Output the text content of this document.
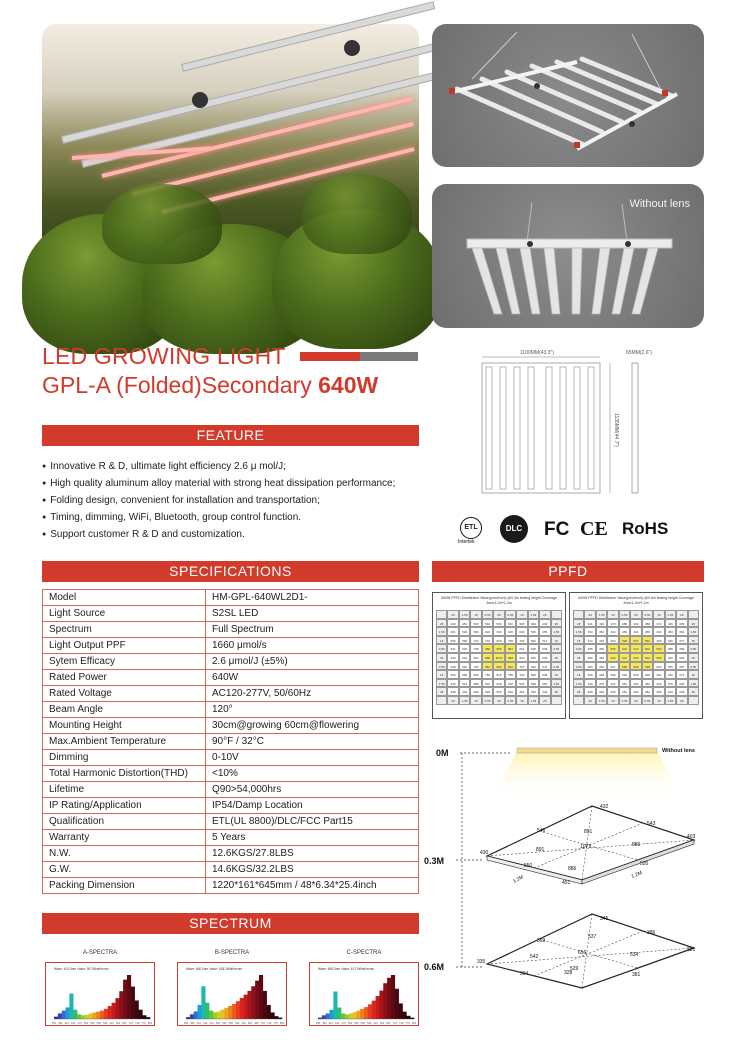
Without lens
LED GROWING LIGHT
GPL-A (Folded)Secondary 640W
1100MM(43.3")
1135MM(44.7")
65MM(2.6")
ETL
Intertek
DLC	FC CE RoHS
FEATURE
● Innovative R & D, ultimate light efficiency 2.6 μ mol/J;
● High quality aluminum alloy material with strong heat dissipation performance;
● Folding design, convenient for installation and transportation;
● Timing, dimming, WiFi, Bluetooth, group control function.
● Support customer R & D and customization.
SPECIFICATIONS
Model	HM-GPL-640WL2D1-
Light Source	S2SL LED
Spectrum	Full Spectrum
Light Output PPF	1660 μmol/s
Sytem Efficacy	2.6 μmol/J (±5%)
Rated Power	640W
Rated Voltage	AC120-277V, 50/60Hz
Beam Angle	120°
Mounting Height	30cm@growing 60cm@flowering
Max.Ambient Temperature	90°F / 32°C
Dimming	0-10V
Total Harmonic Distortion(THD)	<10%
Lifetime	Q90>54,000hrs
IP Rating/Application	IP54/Damp Location
Qualification	ETL(UL 8800)/DLC/FCC Part15
Warranty	5 Years
N.W.	12.6KGS/27.8LBS
G.W.	14.6KGS/32.2LBS
Packing Dimension	1220*161*645mm / 48*6.34*25.4inch
PPFD
640W PPFD Distribution Value(μmol/m²/s) @0.3m testing height Coverage Area:1.2m*1.2m
2ft	1.5ft	1ft	0.5ft	0ft	0.5ft	1ft	1.5ft	2ft
2ft	403	451	503	540	546	540	505	460	430	2ft
1.5ft	451	520	596	622	630	625	600	535	455	1.5ft
1ft	506	596	702	794	820	798	706	600	512	1ft
0.5ft	531	625	798	956	985	957	801	628	538	0.5ft
0ft	543	634	822	986	1073	984	820	635	546	0ft
0.5ft	528	620	795	951	980	952	797	630	541	0.5ft
1ft	500	586	695	782	815	786	700	598	508	1ft
1.5ft	445	512	588	615	628	618	595	528	450	1.5ft
2ft	398	436	489	520	550	522	491	440	432	2ft
2ft	1.5ft	1ft	0.5ft	0ft	0.5ft	1ft	1.5ft	2ft
640W PPFD Distribution Value(μmol/m²/s) @0.6m testing height Coverage Area:1.2m*1.2m
2ft	1.5ft	1ft	0.5ft	0ft	0.5ft	1ft	1.5ft	2ft
2ft	321	346	370	388	393	388	372	349	335	2ft
1.5ft	350	381	432	456	461	458	434	384	352	1.5ft
1ft	372	432	493	530	537	532	495	436	377	1ft
0.5ft	385	455	530	601	612	603	532	458	389	0.5ft
0ft	386	459	534	612	656	610	535	460	393	0ft
0.5ft	383	452	527	598	608	599	529	455	387	0.5ft
1ft	369	428	489	526	529	528	491	430	373	1ft
1.5ft	346	376	427	451	454	453	429	379	349	1.5ft
2ft	328	340	365	381	394	382	366	343	345	2ft
2ft	1.5ft	1ft	0.5ft	0ft	0.5ft	1ft	1.5ft	2ft
0M
0.3M
0.6M
Without lens
430
432
403
451
546
543
550	520
891
891
886
886
1073
1.2M	1.2M
335
345
321
328
393
386
394	381
537
542	534
529
656
SPECTRUM
A-SPECTRA	B-SPECTRA	C-SPECTRA
Wave: 401.0nm Value: 99.2Wnit/m²nm
350 380 410 440 470 500 530 560 590 620 650 680 710 740 770 800
Wave: 660.0nm Value: 168.2Wnit/m²nm
350 380 410 440 470 500 530 560 590 620 650 680 710 740 770 800
Wave: 660.0nm Value: 147.9Wnit/m²nm
350 380 410 440 470 500 530 560 590 620 650 680 710 740 770 800
